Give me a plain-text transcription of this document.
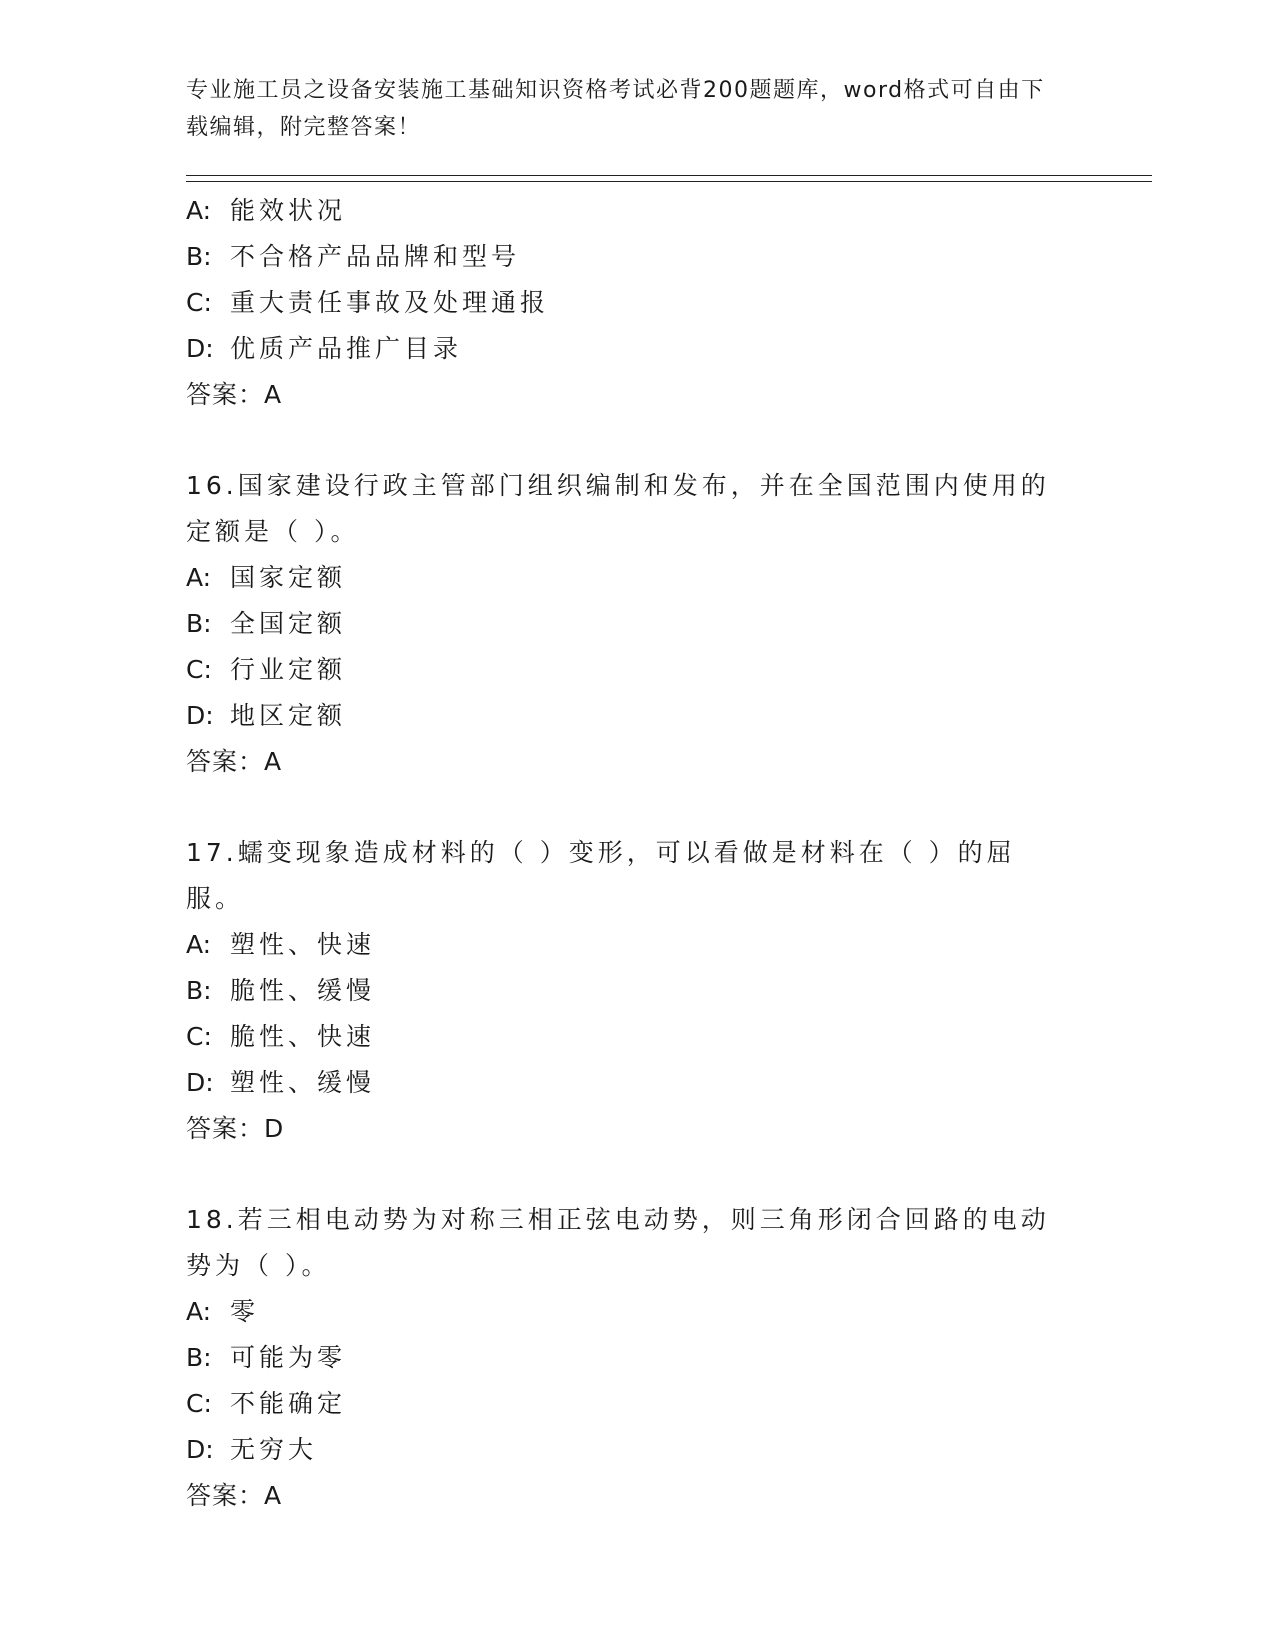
专业施工员之设备安装施工基础知识资格考试必背200题题库，word格式可自由下载编辑，附完整答案！
A: 能效状况
B: 不合格产品品牌和型号
C: 重大责任事故及处理通报
D: 优质产品推广目录
答案：A
16.国家建设行政主管部门组织编制和发布，并在全国范围内使用的定额是（ ）。
A: 国家定额
B: 全国定额
C: 行业定额
D: 地区定额
答案：A
17.蠕变现象造成材料的（ ）变形，可以看做是材料在（ ）的屈服。
A: 塑性、快速
B: 脆性、缓慢
C: 脆性、快速
D: 塑性、缓慢
答案：D
18.若三相电动势为对称三相正弦电动势，则三角形闭合回路的电动势为（ ）。
A: 零
B: 可能为零
C: 不能确定
D: 无穷大
答案：A
